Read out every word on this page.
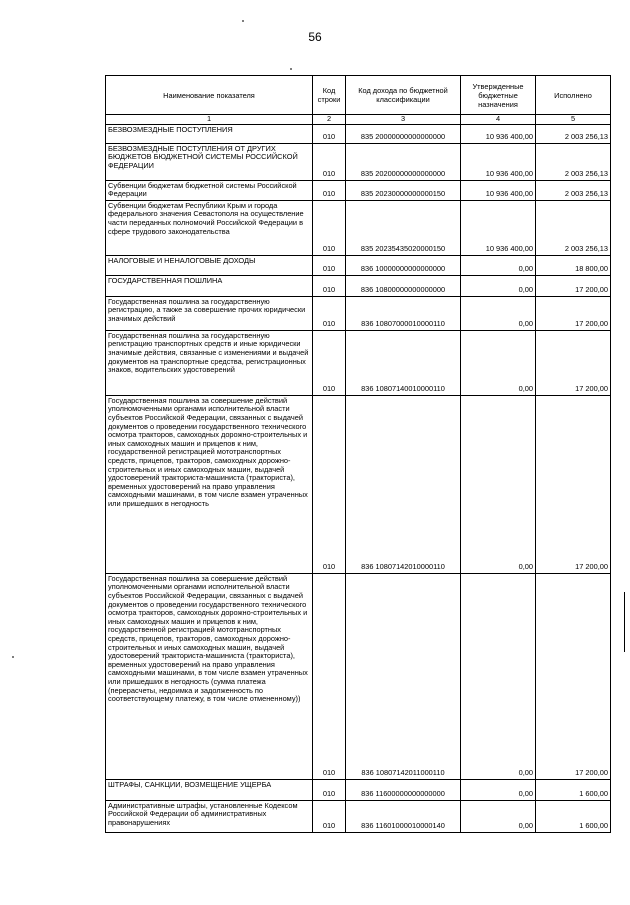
56
Наименование показателя	Код строки	Код дохода по бюджетной классификации	Утвержденные бюджетные назначения	Исполнено
1	2	3	4	5
БЕЗВОЗМЕЗДНЫЕ ПОСТУПЛЕНИЯ	010	835 20000000000000000	10 936 400,00	2 003 256,13
БЕЗВОЗМЕЗДНЫЕ ПОСТУПЛЕНИЯ ОТ ДРУГИХ БЮДЖЕТОВ БЮДЖЕТНОЙ СИСТЕМЫ РОССИЙСКОЙ ФЕДЕРАЦИИ	010	835 20200000000000000	10 936 400,00	2 003 256,13
Субвенции бюджетам бюджетной системы Российской Федерации	010	835 20230000000000150	10 936 400,00	2 003 256,13
Субвенции бюджетам Республики Крым и города федерального значения Севастополя на осуществление части переданных полномочий Российской Федерации в сфере трудового законодательства	010	835 20235435020000150	10 936 400,00	2 003 256,13
НАЛОГОВЫЕ И НЕНАЛОГОВЫЕ ДОХОДЫ	010	836 10000000000000000	0,00	18 800,00
ГОСУДАРСТВЕННАЯ ПОШЛИНА	010	836 10800000000000000	0,00	17 200,00
Государственная пошлина за государственную регистрацию, а также за совершение прочих юридически значимых действий	010	836 10807000010000110	0,00	17 200,00
Государственная пошлина за государственную регистрацию транспортных средств и иные юридически значимые действия, связанные с изменениями и выдачей документов на транспортные средства, регистрационных знаков, водительских удостоверений	010	836 10807140010000110	0,00	17 200,00
Государственная пошлина за совершение действий уполномоченными органами исполнительной власти субъектов Российской Федерации, связанных с выдачей документов о проведении государственного технического осмотра тракторов, самоходных дорожно-строительных и иных самоходных машин и прицепов к ним, государственной регистрацией мототранспортных средств, прицепов, тракторов, самоходных дорожно-строительных и иных самоходных машин, выдачей удостоверений тракториста-машиниста (тракториста), временных удостоверений на право управления самоходными машинами, в том числе взамен утраченных или пришедших в негодность	010	836 10807142010000110	0,00	17 200,00
Государственная пошлина за совершение действий уполномоченными органами исполнительной власти субъектов Российской Федерации, связанных с выдачей документов о проведении государственного технического осмотра тракторов, самоходных дорожно-строительных и иных самоходных машин и прицепов к ним, государственной регистрацией мототранспортных средств, прицепов, тракторов, самоходных дорожно-строительных и иных самоходных машин, выдачей удостоверений тракториста-машиниста (тракториста), временных удостоверений на право управления самоходными машинами, в том числе взамен утраченных или пришедших в негодность (сумма платежа (перерасчеты, недоимка и задолженность по соответствующему платежу, в том числе отмененному))	010	836 10807142011000110	0,00	17 200,00
ШТРАФЫ, САНКЦИИ, ВОЗМЕЩЕНИЕ УЩЕРБА	010	836 11600000000000000	0,00	1 600,00
Административные штрафы, установленные Кодексом Российской Федерации об административных правонарушениях	010	836 11601000010000140	0,00	1 600,00
